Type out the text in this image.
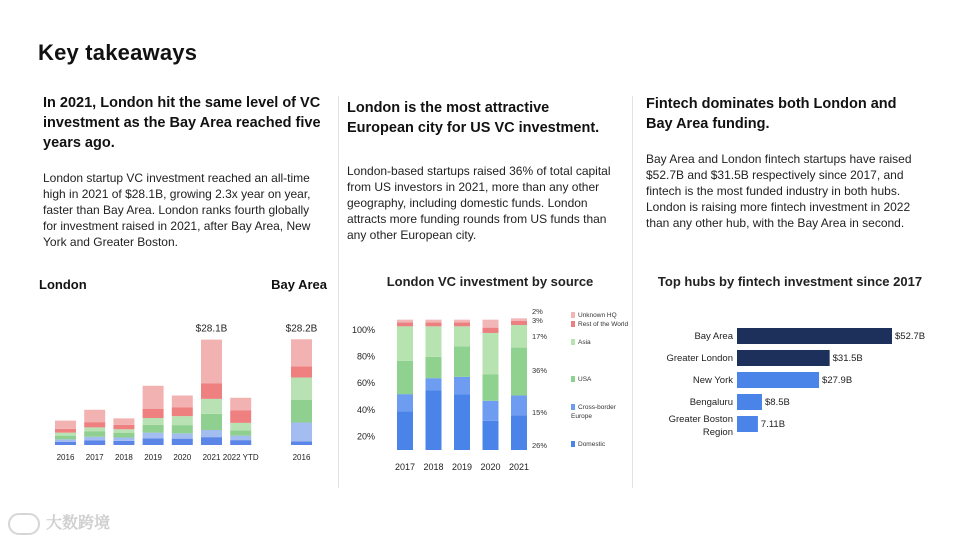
Key takeaways
In 2021, London hit the same level of VC investment as the Bay Area reached five years ago.
London startup VC investment reached an all-time high in 2021 of $28.1B, growing 2.3x year on year, faster than Bay Area. London ranks fourth globally for investment raised in 2021, after Bay Area, New York and Greater Boston.
London is the most attractive European city for US VC investment.
London-based startups raised 36% of total capital from US investors in 2021, more than any other geography, including domestic funds. London attracts more funding rounds from US funds than any other European city.
Fintech dominates both London and Bay Area funding.
Bay Area and London fintech startups have raised $52.7B and $31.5B respectively since 2017, and fintech is the most funded industry in both hubs. London is raising more fintech investment in 2022 than any other hub, with the Bay Area in second.
London	Bay Area
2016
$28.1B	$28.2B
2016 2017 2018 2019 2020 2021 2022 YTD
London VC investment by source
100%
80%
60%
40%
20%
2017 2018 2019 2020 2021
2%
3%
17%
36%
15%
26%
Unknown HQ
Rest of the World
Asia
USA
Cross-border
Europe
Domestic
Top hubs by fintech investment since 2017
Bay Area	$52.7B
Greater London	$31.5B
New York	$27.9B
Bengaluru	$8.5B
Greater Boston
Region
7.11B
大数跨境
